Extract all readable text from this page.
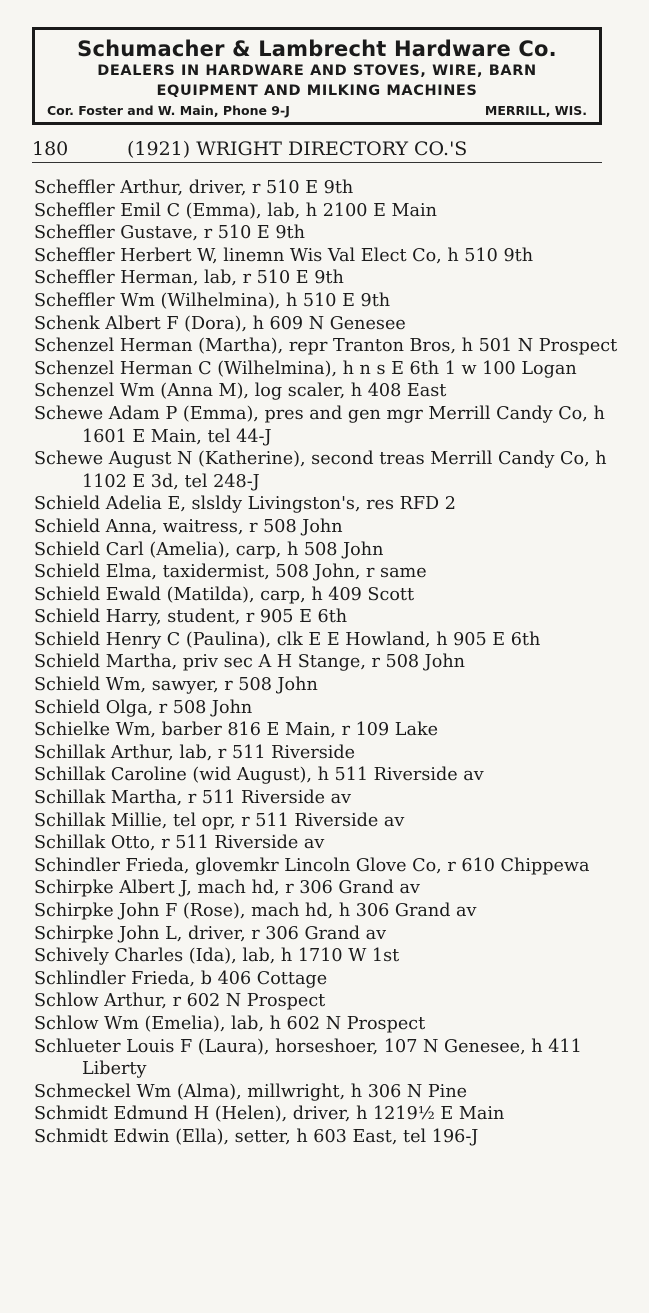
Schumacher & Lambrecht Hardware Co.
DEALERS IN HARDWARE AND STOVES, WIRE, BARN
EQUIPMENT AND MILKING MACHINES
Cor. Foster and W. Main, Phone 9-J	MERRILL, WIS.
180	(1921) WRIGHT DIRECTORY CO.'S
Scheffler Arthur, driver, r 510 E 9th
Scheffler Emil C (Emma), lab, h 2100 E Main
Scheffler Gustave, r 510 E 9th
Scheffler Herbert W, linemn Wis Val Elect Co, h 510 9th
Scheffler Herman, lab, r 510 E 9th
Scheffler Wm (Wilhelmina), h 510 E 9th
Schenk Albert F (Dora), h 609 N Genesee
Schenzel Herman (Martha), repr Tranton Bros, h 501 N Prospect
Schenzel Herman C (Wilhelmina), h n s E 6th 1 w 100 Logan
Schenzel Wm (Anna M), log scaler, h 408 East
Schewe Adam P (Emma), pres and gen mgr Merrill Candy Co, h 1601 E Main, tel 44-J
Schewe August N (Katherine), second treas Merrill Candy Co, h 1102 E 3d, tel 248-J
Schield Adelia E, slsldy Livingston's, res RFD 2
Schield Anna, waitress, r 508 John
Schield Carl (Amelia), carp, h 508 John
Schield Elma, taxidermist, 508 John, r same
Schield Ewald (Matilda), carp, h 409 Scott
Schield Harry, student, r 905 E 6th
Schield Henry C (Paulina), clk E E Howland, h 905 E 6th
Schield Martha, priv sec A H Stange, r 508 John
Schield Wm, sawyer, r 508 John
Schield Olga, r 508 John
Schielke Wm, barber 816 E Main, r 109 Lake
Schillak Arthur, lab, r 511 Riverside
Schillak Caroline (wid August), h 511 Riverside av
Schillak Martha, r 511 Riverside av
Schillak Millie, tel opr, r 511 Riverside av
Schillak Otto, r 511 Riverside av
Schindler Frieda, glovemkr Lincoln Glove Co, r 610 Chippewa
Schirpke Albert J, mach hd, r 306 Grand av
Schirpke John F (Rose), mach hd, h 306 Grand av
Schirpke John L, driver, r 306 Grand av
Schively Charles (Ida), lab, h 1710 W 1st
Schlindler Frieda, b 406 Cottage
Schlow Arthur, r 602 N Prospect
Schlow Wm (Emelia), lab, h 602 N Prospect
Schlueter Louis F (Laura), horseshoer, 107 N Genesee, h 411 Liberty
Schmeckel Wm (Alma), millwright, h 306 N Pine
Schmidt Edmund H (Helen), driver, h 1219½ E Main
Schmidt Edwin (Ella), setter, h 603 East, tel 196-J
